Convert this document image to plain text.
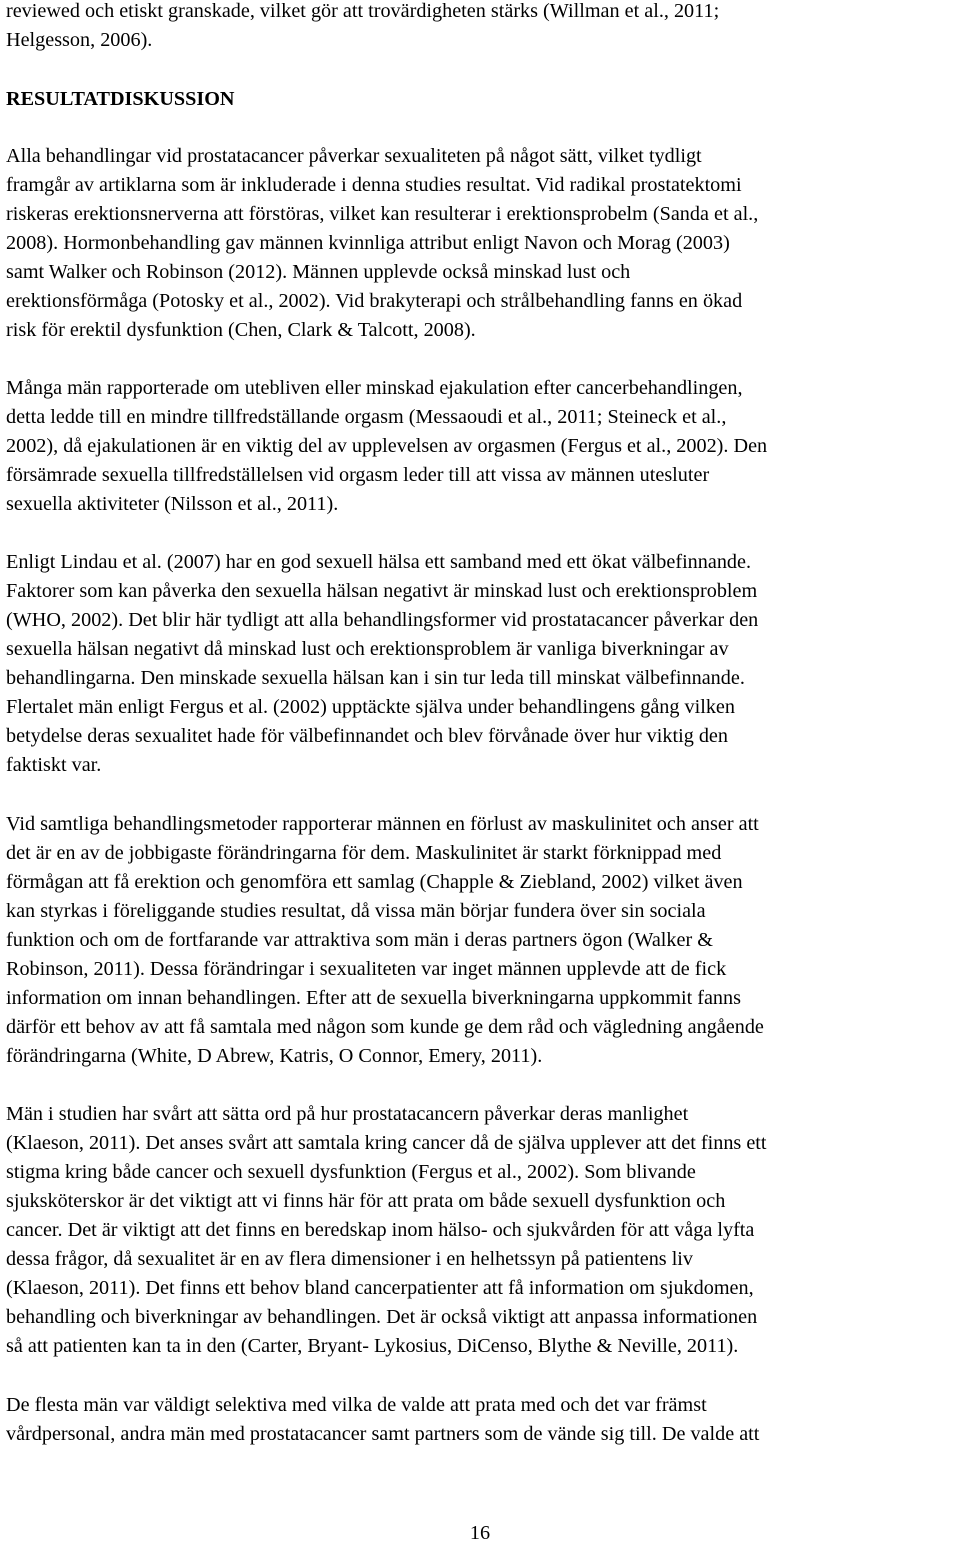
reviewed och etiskt granskade, vilket gör att trovärdigheten stärks (Willman et al., 2011;
Helgesson, 2006).
RESULTATDISKUSSION
Alla behandlingar vid prostatacancer påverkar sexualiteten på något sätt, vilket tydligt
framgår av artiklarna som är inkluderade i denna studies resultat. Vid radikal prostatektomi
riskeras erektionsnerverna att förstöras, vilket kan resulterar i erektionsprobelm (Sanda et al.,
2008). Hormonbehandling gav männen kvinnliga attribut enligt Navon och Morag (2003)
samt Walker och Robinson (2012). Männen upplevde också minskad lust och
erektionsförmåga (Potosky et al., 2002). Vid brakyterapi och strålbehandling fanns en ökad
risk för erektil dysfunktion (Chen, Clark & Talcott, 2008).
Många män rapporterade om utebliven eller minskad ejakulation efter cancerbehandlingen,
detta ledde till en mindre tillfredställande orgasm (Messaoudi et al., 2011; Steineck et al.,
2002), då ejakulationen är en viktig del av upplevelsen av orgasmen (Fergus et al., 2002). Den
försämrade sexuella tillfredställelsen vid orgasm leder till att vissa av männen utesluter
sexuella aktiviteter (Nilsson et al., 2011).
Enligt Lindau et al. (2007) har en god sexuell hälsa ett samband med ett ökat välbefinnande.
Faktorer som kan påverka den sexuella hälsan negativt är minskad lust och erektionsproblem
(WHO, 2002). Det blir här tydligt att alla behandlingsformer vid prostatacancer påverkar den
sexuella hälsan negativt då minskad lust och erektionsproblem är vanliga biverkningar av
behandlingarna. Den minskade sexuella hälsan kan i sin tur leda till minskat välbefinnande.
Flertalet män enligt Fergus et al. (2002) upptäckte själva under behandlingens gång vilken
betydelse deras sexualitet hade för välbefinnandet och blev förvånade över hur viktig den
faktiskt var.
Vid samtliga behandlingsmetoder rapporterar männen en förlust av maskulinitet och anser att
det är en av de jobbigaste förändringarna för dem. Maskulinitet är starkt förknippad med
förmågan att få erektion och genomföra ett samlag (Chapple & Ziebland, 2002) vilket även
kan styrkas i föreliggande studies resultat, då vissa män börjar fundera över sin sociala
funktion och om de fortfarande var attraktiva som män i deras partners ögon (Walker &
Robinson, 2011). Dessa förändringar i sexualiteten var inget männen upplevde att de fick
information om innan behandlingen. Efter att de sexuella biverkningarna uppkommit fanns
därför ett behov av att få samtala med någon som kunde ge dem råd och vägledning angående
förändringarna (White, D Abrew, Katris, O Connor, Emery, 2011).
Män i studien har svårt att sätta ord på hur prostatacancern påverkar deras manlighet
(Klaeson, 2011). Det anses svårt att samtala kring cancer då de själva upplever att det finns ett
stigma kring både cancer och sexuell dysfunktion (Fergus et al., 2002). Som blivande
sjuksköterskor är det viktigt att vi finns här för att prata om både sexuell dysfunktion och
cancer. Det är viktigt att det finns en beredskap inom hälso- och sjukvården för att våga lyfta
dessa frågor, då sexualitet är en av flera dimensioner i en helhetssyn på patientens liv
(Klaeson, 2011). Det finns ett behov bland cancerpatienter att få information om sjukdomen,
behandling och biverkningar av behandlingen. Det är också viktigt att anpassa informationen
så att patienten kan ta in den (Carter, Bryant- Lykosius, DiCenso, Blythe & Neville, 2011).
De flesta män var väldigt selektiva med vilka de valde att prata med och det var främst
vårdpersonal, andra män med prostatacancer samt partners som de vände sig till. De valde att
16
